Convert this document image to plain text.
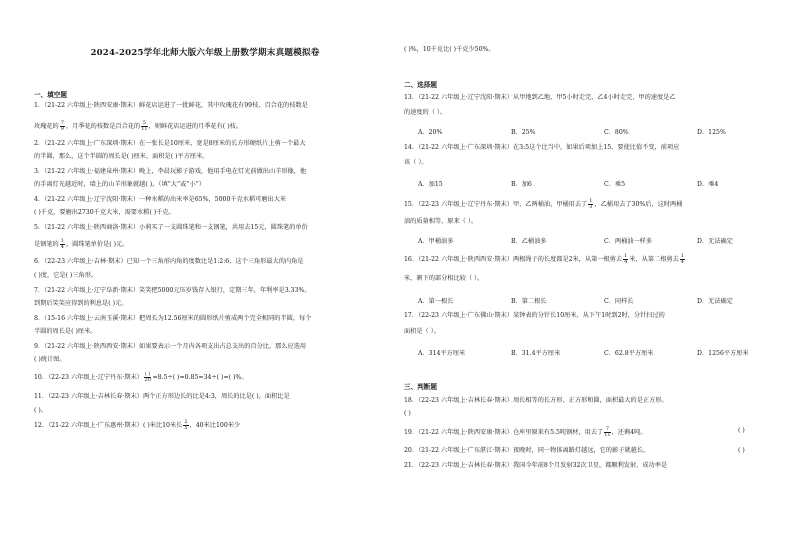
2024-2025学年北师大版六年级上册数学期末真题模拟卷
一、填空题
1．（21-22 六年级上·陕西安康·期末）鲜花店运进了一批鲜花，其中玫瑰花有99枝，百合花的枝数是
玫瑰花的 $\frac{7}{9}$ ，月季花的枝数是百合花的 $\frac{5}{11}$ ，则鲜花店运进的月季花有( )枝。
2．（21-22 六年级上·广东深圳·期末）在一张长是10厘米，宽是8厘米的长方形硬纸片上剪一个最大
的半圆，那么，这个半圆的周长是( )厘米，面积是( )平方厘米。
3．（21-22 六年级上·福建泉州·期末）晚上，李晨玩影子游戏，他用手电在灯光前做出山羊形像，他
的手离灯光越近时，墙上的山羊形象就越( )。（填“大”或“小”）
4．（21-22 六年级上·辽宁沈阳·期末）一种水稻的出米率是65%，5000千克水稻可磨出大米
( )千克，要磨出2730千克大米，需要水稻( )千克。
5．（21-22 六年级上·陕西商洛·期末）小莉买了一支圆珠笔和一支钢笔，共用去15元，圆珠笔的单价
是钢笔的 $\frac{1}{4}$ ，圆珠笔单价是( )元。
6．（22-23 六年级上·吉林·期末）已知一个三角形内角的度数比是1:2:6，这个三角形最大的内角是
( )度，它是( )三角形。
7．（21-22 六年级上·辽宁阜新·期末）笑笑把5000元压岁钱存入银行，定期三年，年利率是3.33%。
到期后笑笑应得到的利息是( )元。
8．（15-16 六年级上·云南玉溪·期末）把周长为12.56厘米的圆形纸片剪成两个完全相同的半圆，每个
半圆的周长是( )厘米。
9．（21-22 六年级上·陕西西安·期末）如果要表示一个月内各项支出占总支出的百分比，那么应选用
( )统计图。
10．（22-23 六年级上·辽宁丹东·期末） $\frac{( )}{20} =8.5\div$( )=0.85=34÷( )=( )%。
11．（22-23 六年级上·吉林长春·期末）两个正方形边长的比是4:3，周长的比是( )，面积比是
( )。
12．（21-22 六年级上·广东惠州·期末）( )米比10米长 $\frac{2}{5}$ ，40米比100米少
( )%，10千克比( )千克少50%。
二、选择题
13．（21-22 六年级上·辽宁沈阳·期末）从甲地到乙地，甲5小时走完，乙4小时走完，甲的速度是乙
的速度的（ ）。
A．20%	B．25%	C．80%	D．125%
14．（21-22 六年级上·广东深圳·期末）在3:5这个比当中，如果后项加上15，要使比值不变，前项应
该（ ）。
A．加15	B．加6	C．乘5	D．乘4
15．（22-23 六年级上·辽宁丹东·期末）甲、乙两桶油，甲桶用去了 $\frac{1}{3}$ ，乙桶用去了30%后，这时两桶
油的质量相等，原来（ ）。
A．甲桶油多	B．乙桶油多	C．两桶油一样多	D．无法确定
16．（21-22 六年级上·陕西西安·期末）两根绳子的长度都是2米，从第一根剪去 $\frac{1}{4}$ 米，从第二根剪去 $\frac{1}{4}$
米，剩下的部分相比较（ ）。
A．第一根长	B．第二根长	C．同样长	D．无法确定
17．（22-23 六年级上·广东佛山·期末）某钟表的分针长10厘米，从下午1时到2时，分针扫过的
面积是（ ）。
A．314平方厘米	B．31.4平方厘米	C．62.8平方厘米	D．1256平方厘米
三、判断题
18．（22-23 六年级上·吉林长春·期末）周长相等的长方形、正方形和圆，面积最大的是正方形。
( )
19．（21-22 六年级上·陕西安康·期末）仓库里原来有5.5吨钢材，用去了 $\frac{7}{11}$ ，还剩4吨。	( )
20．（21-22 六年级上·广东湛江·期末）夜晚时，同一物体离路灯越远，它的影子就越长。	( )
21．（22-23 六年级上·吉林长春·期末）我国今年前8个月发射32次卫星，都顺利发射，成功率是
